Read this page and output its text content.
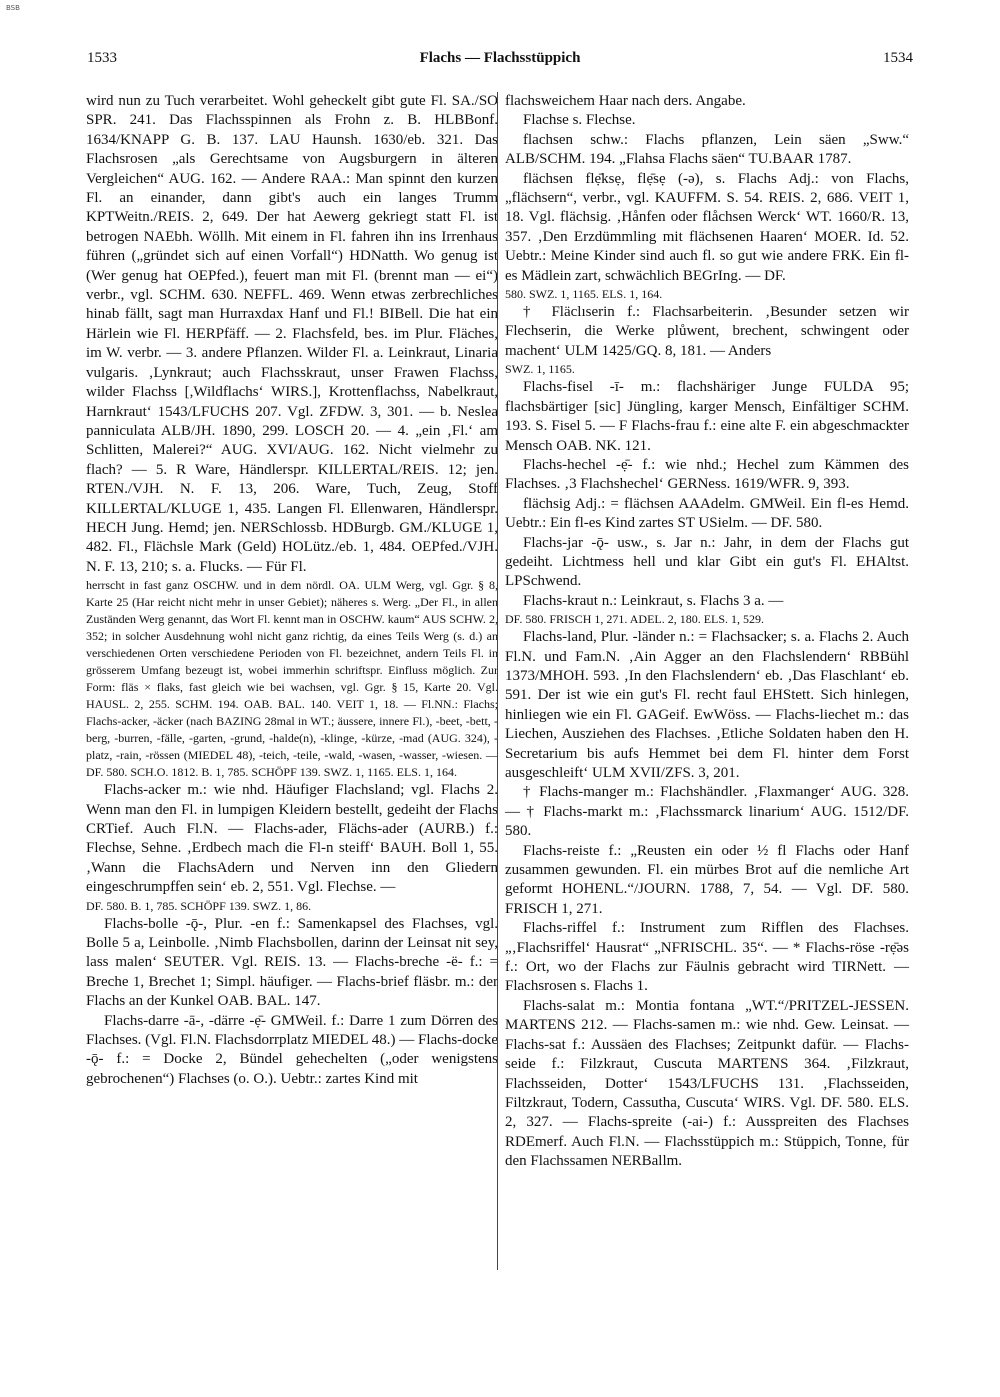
BSB
1533	Flachs — Flachsstüppich	1534

wird nun zu Tuch verarbeitet. Wohl geheckelt gibt gute Fl. SA./SO SPR. 241. Das Flachsspinnen als Frohn z. B. HLBBonf. 1634/KNAPP G. B. 137. LAU Haunsh. 1630/eb. 321. Das Flachsrosen „als Gerechtsame von Augsburgern in älteren Vergleichen“ AUG. 162. — Andere RAA.: Man spinnt den kurzen Fl. an einander, dann gibt's auch ein langes Trumm KPTWeitn./REIS. 2, 649. Der hat Aewerg gekriegt statt Fl. ist betrogen NAEbh. Wöllh. Mit einem in Fl. fahren ihn ins Irrenhaus führen („gründet sich auf einen Vorfall“) HDNatth. Wo genug ist (Wer genug hat OEPfed.), feuert man mit Fl. (brennt man — ei“) verbr., vgl. SCHM. 630. NEFFL. 469. Wenn etwas zerbrechliches hinab fällt, sagt man Hurraxdax Hanf und Fl.! BIBell. Die hat ein Härlein wie Fl. HERPfäff. — 2. Flachsfeld, bes. im Plur. Fläches, im W. verbr. — 3. andere Pflanzen. Wilder Fl. a. Leinkraut, Linaria vulgaris. ‚Lynkraut; auch Flachsskraut, unser Frawen Flachss, wilder Flachss [,Wildflachs‘ WIRS.], Krottenflachss, Nabelkraut, Harnkraut‘ 1543/LFUCHS 207. Vgl. ZFDW. 3, 301. — b. Neslea panniculata ALB/JH. 1890, 299. LOSCH 20. — 4. „ein ‚Fl.‘ am Schlitten, Malerei?“ AUG. XVI/AUG. 162. Nicht vielmehr zu flach? — 5. R Ware, Händlerspr. KILLERTAL/REIS. 12; jen. RTEN./VJH. N. F. 13, 206. Ware, Tuch, Zeug, Stoff KILLERTAL/KLUGE 1, 435. Langen Fl. Ellenwaren, Händlerspr. HECH Jung. Hemd; jen. NERSchlossb. HDBurgb. GM./KLUGE 1, 482. Fl., Flächsle Mark (Geld) HOLütz./eb. 1, 484. OEPfed./VJH. N. F. 13, 210; s. a. Flucks. — Für Fl.

herrscht in fast ganz OSCHW. und in dem nördl. OA. ULM Werg, vgl. Ggr. § 8, Karte 25 (Har reicht nicht mehr in unser Gebiet); näheres s. Werg. „Der Fl., in allen Zuständen Werg genannt, das Wort Fl. kennt man in OSCHW. kaum“ AUS SCHW. 2, 352; in solcher Ausdehnung wohl nicht ganz richtig, da eines Teils Werg (s. d.) an verschiedenen Orten verschiedene Perioden von Fl. bezeichnet, andern Teils Fl. in grösserem Umfang bezeugt ist, wobei immerhin schriftspr. Einfluss möglich. Zur Form: fläs × flaks, fast gleich wie bei wachsen, vgl. Ggr. § 15, Karte 20. Vgl. HAUSL. 2, 255. SCHM. 194. OAB. BAL. 140. VEIT 1, 18. — Fl.NN.: Flachs; Flachs-acker, -äcker (nach BAZING 28mal in WT.; äussere, innere Fl.), -beet, -bett, -berg, -burren, -fälle, -garten, -grund, -halde(n), -klinge, -kürze, -mad (AUG. 324), -platz, -rain, -rössen (MIEDEL 48), -teich, -teile, -wald, -wasen, -wasser, -wiesen. — DF. 580. SCH.O. 1812. B. 1, 785. SCHÖPF 139. SWZ. 1, 1165. ELS. 1, 164.

Flachs-acker m.: wie nhd. Häufiger Flachsland; vgl. Flachs 2. Wenn man den Fl. in lumpigen Kleidern bestellt, gedeiht der Flachs CRTief. Auch Fl.N. — Flachs-ader, Flächs-ader (AURB.) f.: Flechse, Sehne. ‚Erdbech mach die Fl-n steiff‘ BAUH. Boll 1, 55. ‚Wann die FlachsAdern und Nerven inn den Gliedern eingeschrumpffen sein‘ eb. 2, 551. Vgl. Flechse. —

DF. 580. B. 1, 785. SCHÖPF 139. SWZ. 1, 86.

Flachs-bolle -ǭ-, Plur. -en f.: Samenkapsel des Flachses, vgl. Bolle 5 a, Leinbolle. ‚Nimb Flachsbollen, darinn der Leinsat nit sey, lass malen‘ SEUTER. Vgl. REIS. 13. — Flachs-breche -ë- f.: = Breche 1, Brechet 1; Simpl. häufiger. — Flachs-brief fläsbr. m.: der Flachs an der Kunkel OAB. BAL. 147.

Flachs-darre -ā-, -därre -ẹ̄- GMWeil. f.: Darre 1 zum Dörren des Flachses. (Vgl. Fl.N. Flachsdorrplatz MIEDEL 48.) — Flachs-docke -ǭ- f.: = Docke 2, Bündel gehechelten („oder wenigstens gebrochenen“) Flachses (o. O.). Uebtr.: zartes Kind mit

flachsweichem Haar nach ders. Angabe.

Flachse s. Flechse.

flachsen schw.: Flachs pflanzen, Lein säen „Sww.“ ALB/SCHM. 194. „Flahsa Flachs säen“ TU.BAAR 1787.

flächsen flẹ̄ksẹ, flẹ̄sẹ (-ə), s. Flachs Adj.: von Flachs, „flächsern“, verbr., vgl. KAUFFM. S. 54. REIS. 2, 686. VEIT 1, 18. Vgl. flächsig. ‚Hånfen oder flåchsen Werck‘ WT. 1660/R. 13, 357. ‚Den Erzdümmling mit flächsenen Haaren‘ MOER. Id. 52. Uebtr.: Meine Kinder sind auch fl. so gut wie andere FRK. Ein fl-es Mädlein zart, schwächlich BEGrIng. — DF.

580. SWZ. 1, 1165. ELS. 1, 164.

† Fläclıserin f.: Flachsarbeiterin. ‚Besunder setzen wir Flechserin, die Werke plůwent, brechent, schwingent oder machent‘ ULM 1425/GQ. 8, 181. — Anders

SWZ. 1, 1165.

Flachs-fisel -ī- m.: flachshäriger Junge FULDA 95; flachsbärtiger [sic] Jüngling, karger Mensch, Einfältiger SCHM. 193. S. Fisel 5. — F Flachs-frau f.: eine alte F. ein abgeschmackter Mensch OAB. NK. 121.

Flachs-hechel -ẹ̄- f.: wie nhd.; Hechel zum Kämmen des Flachses. ‚3 Flachshechel‘ GERNess. 1619/WFR. 9, 393.

flächsig Adj.: = flächsen AAAdelm. GMWeil. Ein fl-es Hemd. Uebtr.: Ein fl-es Kind zartes ST USielm. — DF. 580.

Flachs-jar -ǭ- usw., s. Jar n.: Jahr, in dem der Flachs gut gedeiht. Lichtmess hell und klar Gibt ein gut's Fl. EHAltst. LPSchwend.

Flachs-kraut n.: Leinkraut, s. Flachs 3 a. —

DF. 580. FRISCH 1, 271. ADEL. 2, 180. ELS. 1, 529.

Flachs-land, Plur. -länder n.: = Flachsacker; s. a. Flachs 2. Auch Fl.N. und Fam.N. ‚Ain Agger an den Flachslendern‘ RBBühl 1373/MHOH. 593. ‚In den Flachslendern‘ eb. ‚Das Flaschlant‘ eb. 591. Der ist wie ein gut's Fl. recht faul EHStett. Sich hinlegen, hinliegen wie ein Fl. GAGeif. EwWöss. — Flachs-liechet m.: das Liechen, Ausziehen des Flachses. ‚Etliche Soldaten haben den H. Secretarium bis aufs Hemmet bei dem Fl. hinter dem Forst ausgeschleift‘ ULM XVII/ZFS. 3, 201.

† Flachs-manger m.: Flachshändler. ‚Flaxmanger‘ AUG. 328. — † Flachs-markt m.: ‚Flachssmarck linarium‘ AUG. 1512/DF. 580.

Flachs-reiste f.: „Reusten ein oder ½ fl Flachs oder Hanf zusammen gewunden. Fl. ein mürbes Brot auf die nemliche Art geformt HOHENL.“/JOURN. 1788, 7, 54. — Vgl. DF. 580. FRISCH 1, 271.

Flachs-riffel f.: Instrument zum Rifflen des Flachses. „‚Flachsriffel‘ Hausrat“ „NFRISCHL. 35“. — * Flachs-röse -rẹ̄əs f.: Ort, wo der Flachs zur Fäulnis gebracht wird TIRNett. — Flachsrosen s. Flachs 1.

Flachs-salat m.: Montia fontana „WT.“/PRITZEL-JESSEN. MARTENS 212. — Flachs-samen m.: wie nhd. Gew. Leinsat. — Flachs-sat f.: Aussäen des Flachses; Zeitpunkt dafür. — Flachs-seide f.: Filzkraut, Cuscuta MARTENS 364. ‚Filzkraut, Flachsseiden, Dotter‘ 1543/LFUCHS 131. ‚Flachsseiden, Filtzkraut, Todern, Cassutha, Cuscuta‘ WIRS. Vgl. DF. 580. ELS. 2, 327. — Flachs-spreite (-ai-) f.: Ausspreiten des Flachses RDEmerf. Auch Fl.N. — Flachsstüppich m.: Stüppich, Tonne, für den Flachssamen NERBallm.
